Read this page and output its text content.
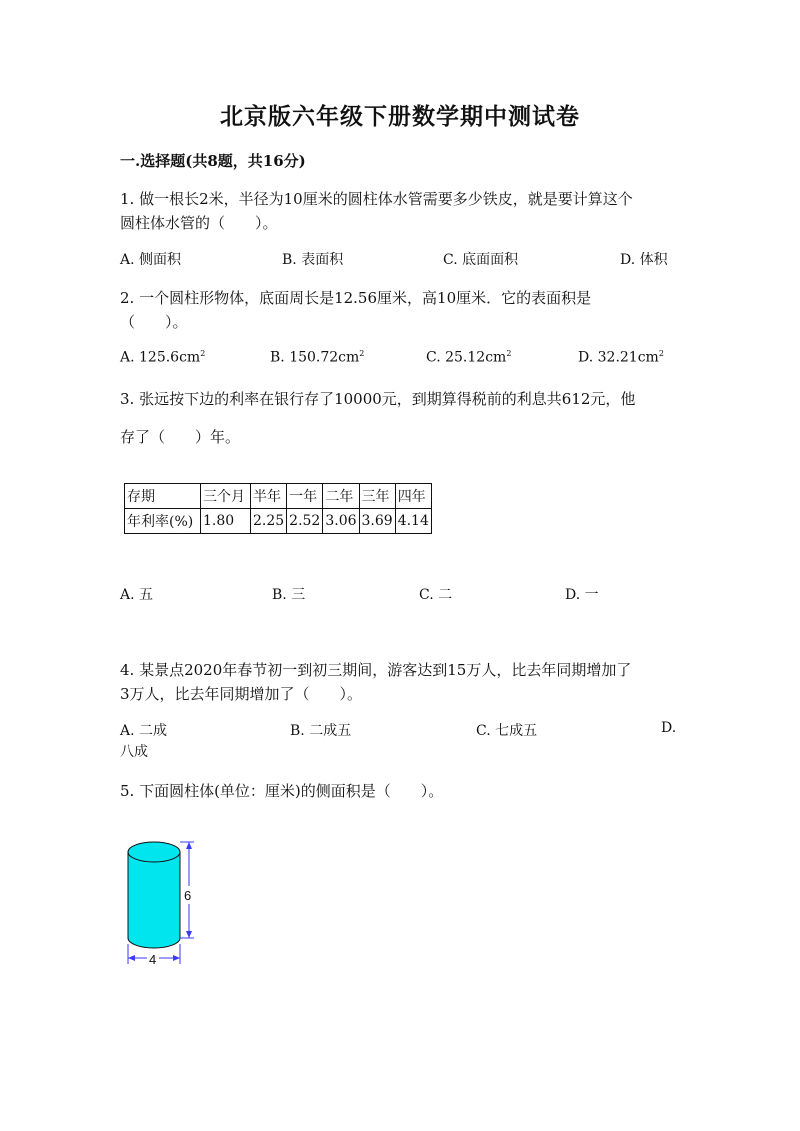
北京版六年级下册数学期中测试卷
一.选择题(共8题，共16分)
1. 做一根长2米，半径为10厘米的圆柱体水管需要多少铁皮，就是要计算这个
圆柱体水管的（　　）。
A. 侧面积	B. 表面积	C. 底面面积	D. 体积
2. 一个圆柱形物体，底面周长是12.56厘米，高10厘米．它的表面积是
（　　）。
A. $125.6cm^2$	B. $150.72cm^2$	C. $25.12cm^2$	D. $32.21cm^2$
3. 张远按下边的利率在银行存了10000元，到期算得税前的利息共612元，他
存了（　　）年。
存期	三个月	半年	一年	二年	三年	四年
年利率(%)	1.80	2.25	2.52	3.06	3.69	4.14
A. 五	B. 三	C. 二	D. 一
4. 某景点2020年春节初一到初三期间，游客达到15万人，比去年同期增加了
3万人，比去年同期增加了（　　）。
A. 二成	B. 二成五	C. 七成五	D.
八成
5. 下面圆柱体(单位：厘米)的侧面积是（　　）。
6
4
